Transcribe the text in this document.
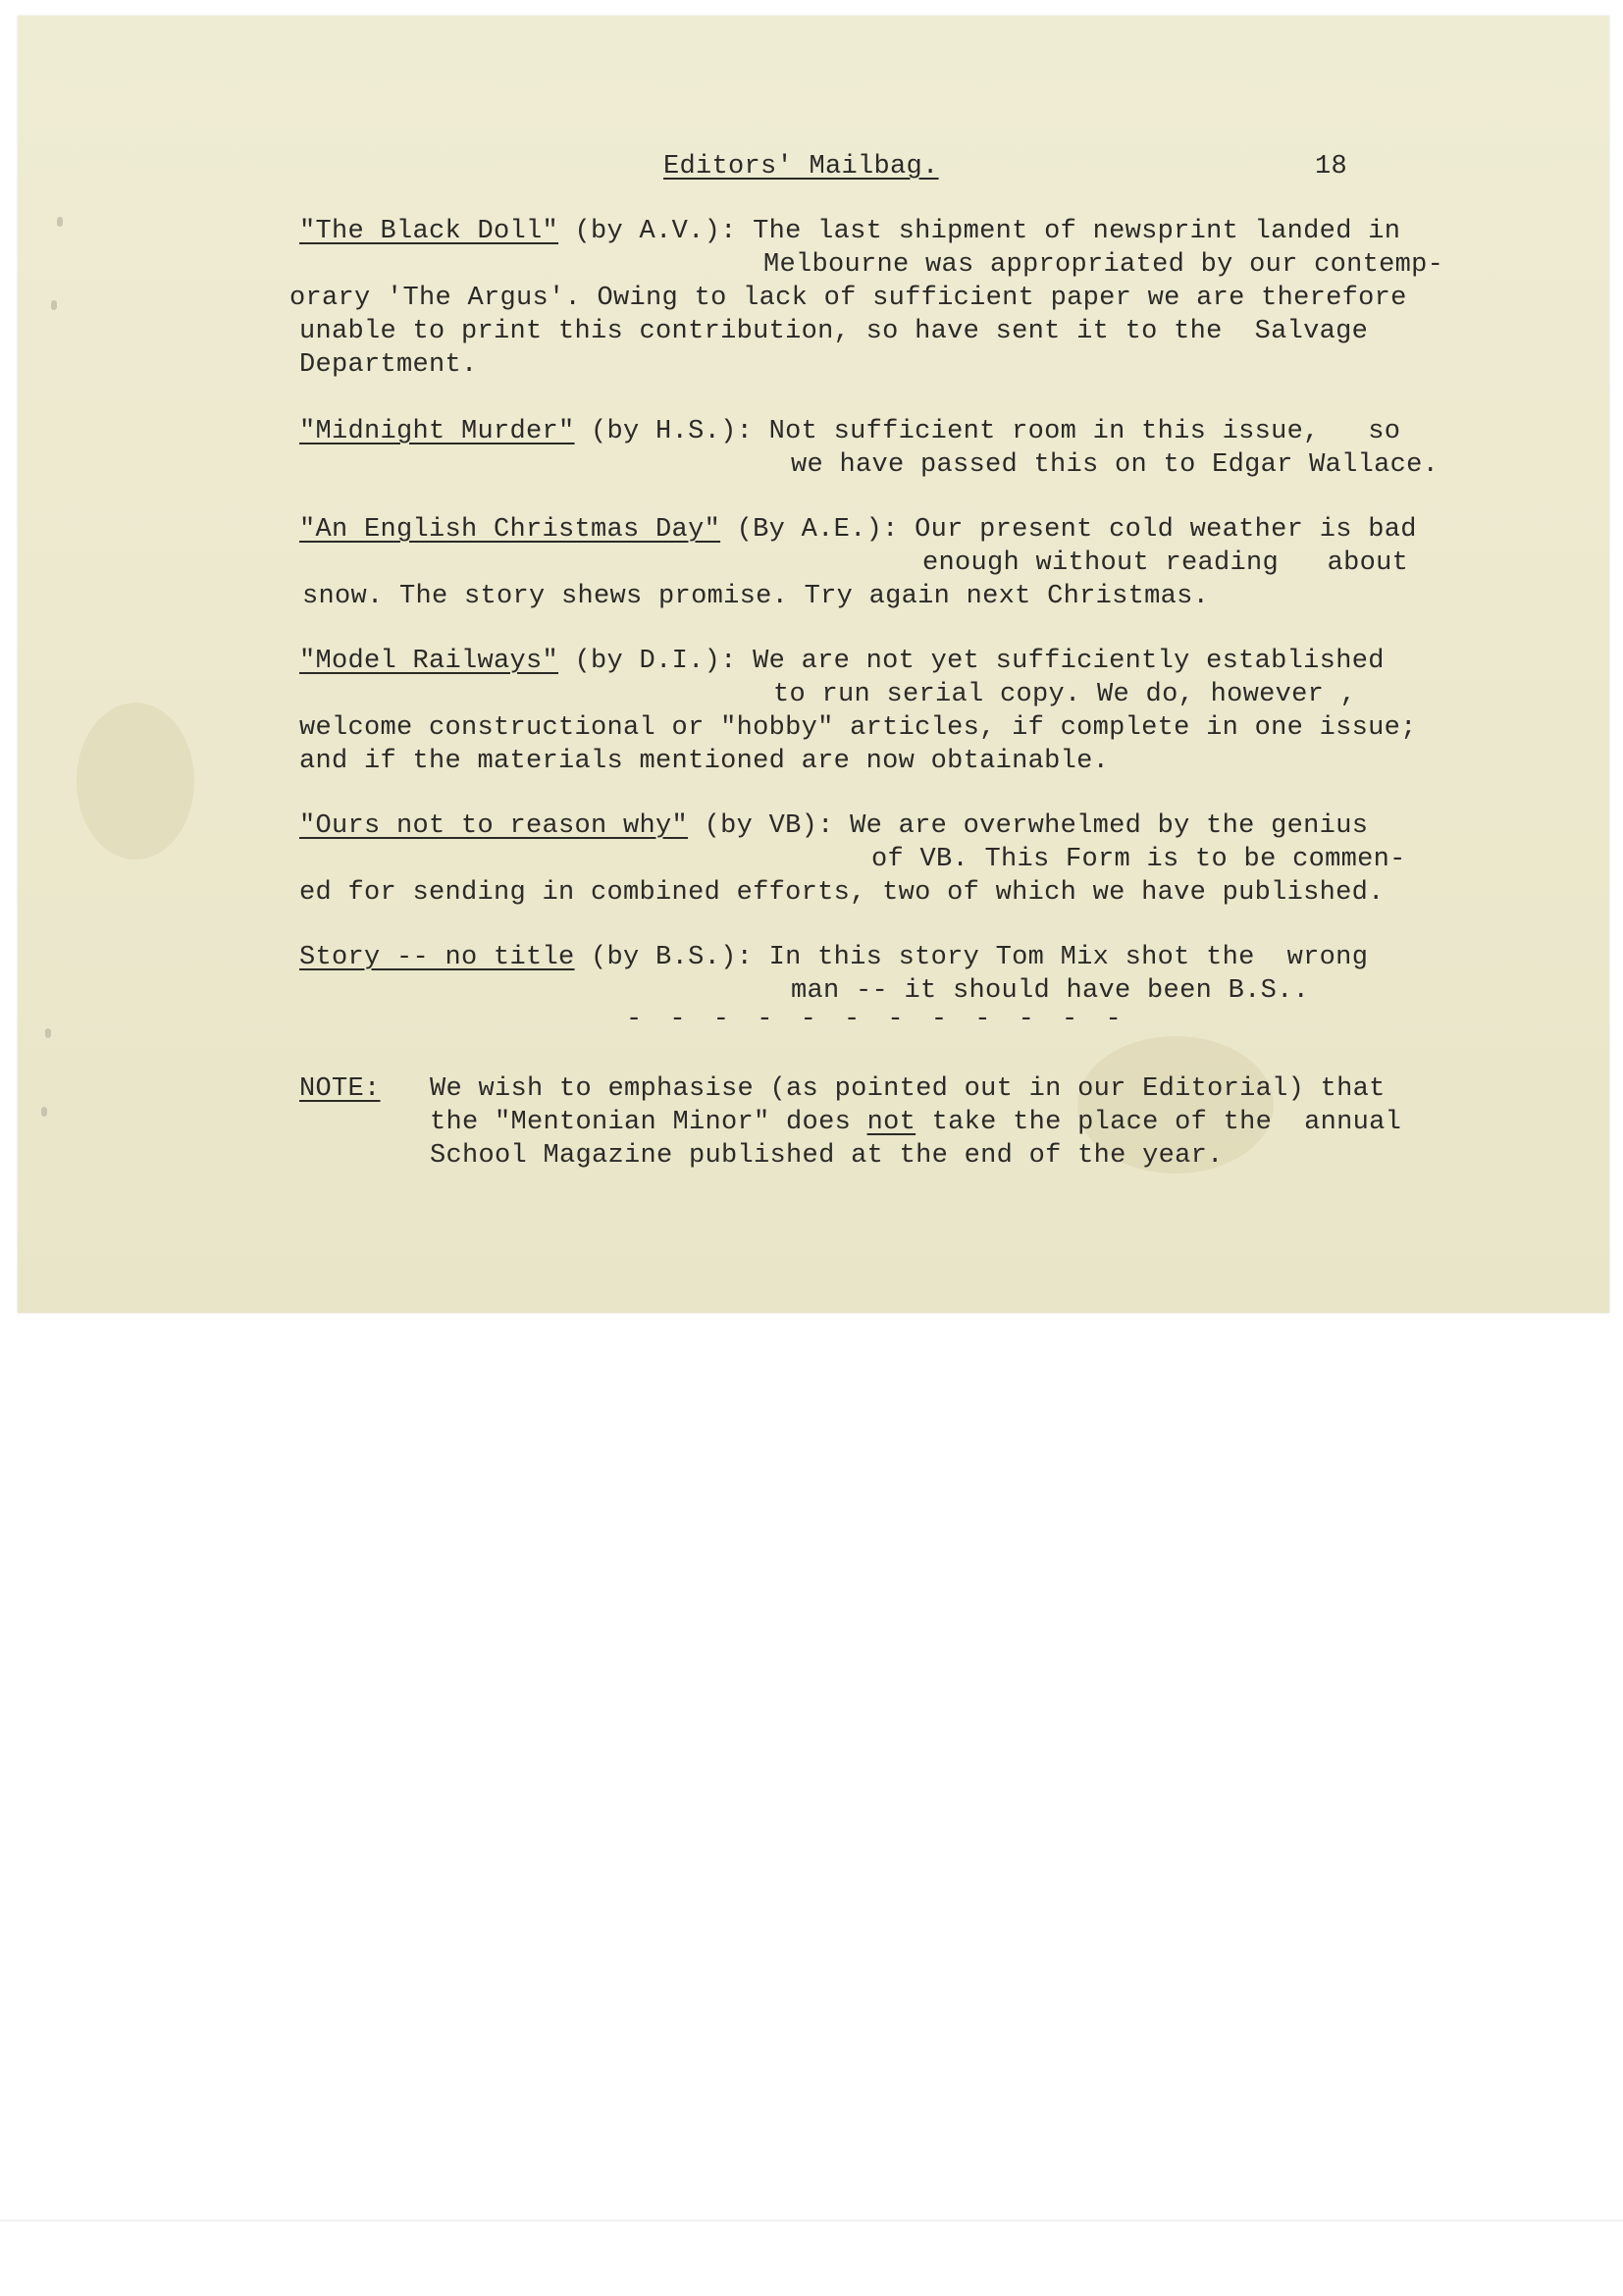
Editors' Mailbag.	18
"The Black Doll" (by A.V.): The last shipment of newsprint landed in
Melbourne was appropriated by our contemp-
orary 'The Argus'. Owing to lack of sufficient paper we are therefore
unable to print this contribution, so have sent it to the  Salvage
Department.
"Midnight Murder" (by H.S.): Not sufficient room in this issue,   so
we have passed this on to Edgar Wallace.
"An English Christmas Day" (By A.E.): Our present cold weather is bad
enough without reading   about
snow. The story shews promise. Try again next Christmas.
"Model Railways" (by D.I.): We are not yet sufficiently established
to run serial copy. We do, however ,
welcome constructional or "hobby" articles, if complete in one issue;
and if the materials mentioned are now obtainable.
"Ours not to reason why" (by VB): We are overwhelmed by the genius
of VB. This Form is to be commen-
ed for sending in combined efforts, two of which we have published.
Story -- no title (by B.S.): In this story Tom Mix shot the  wrong
man -- it should have been B.S..
- - - - - - - - - - - -
NOTE: We wish to emphasise (as pointed out in our Editorial) that
the "Mentonian Minor" does not take the place of the  annual
School Magazine published at the end of the year.
